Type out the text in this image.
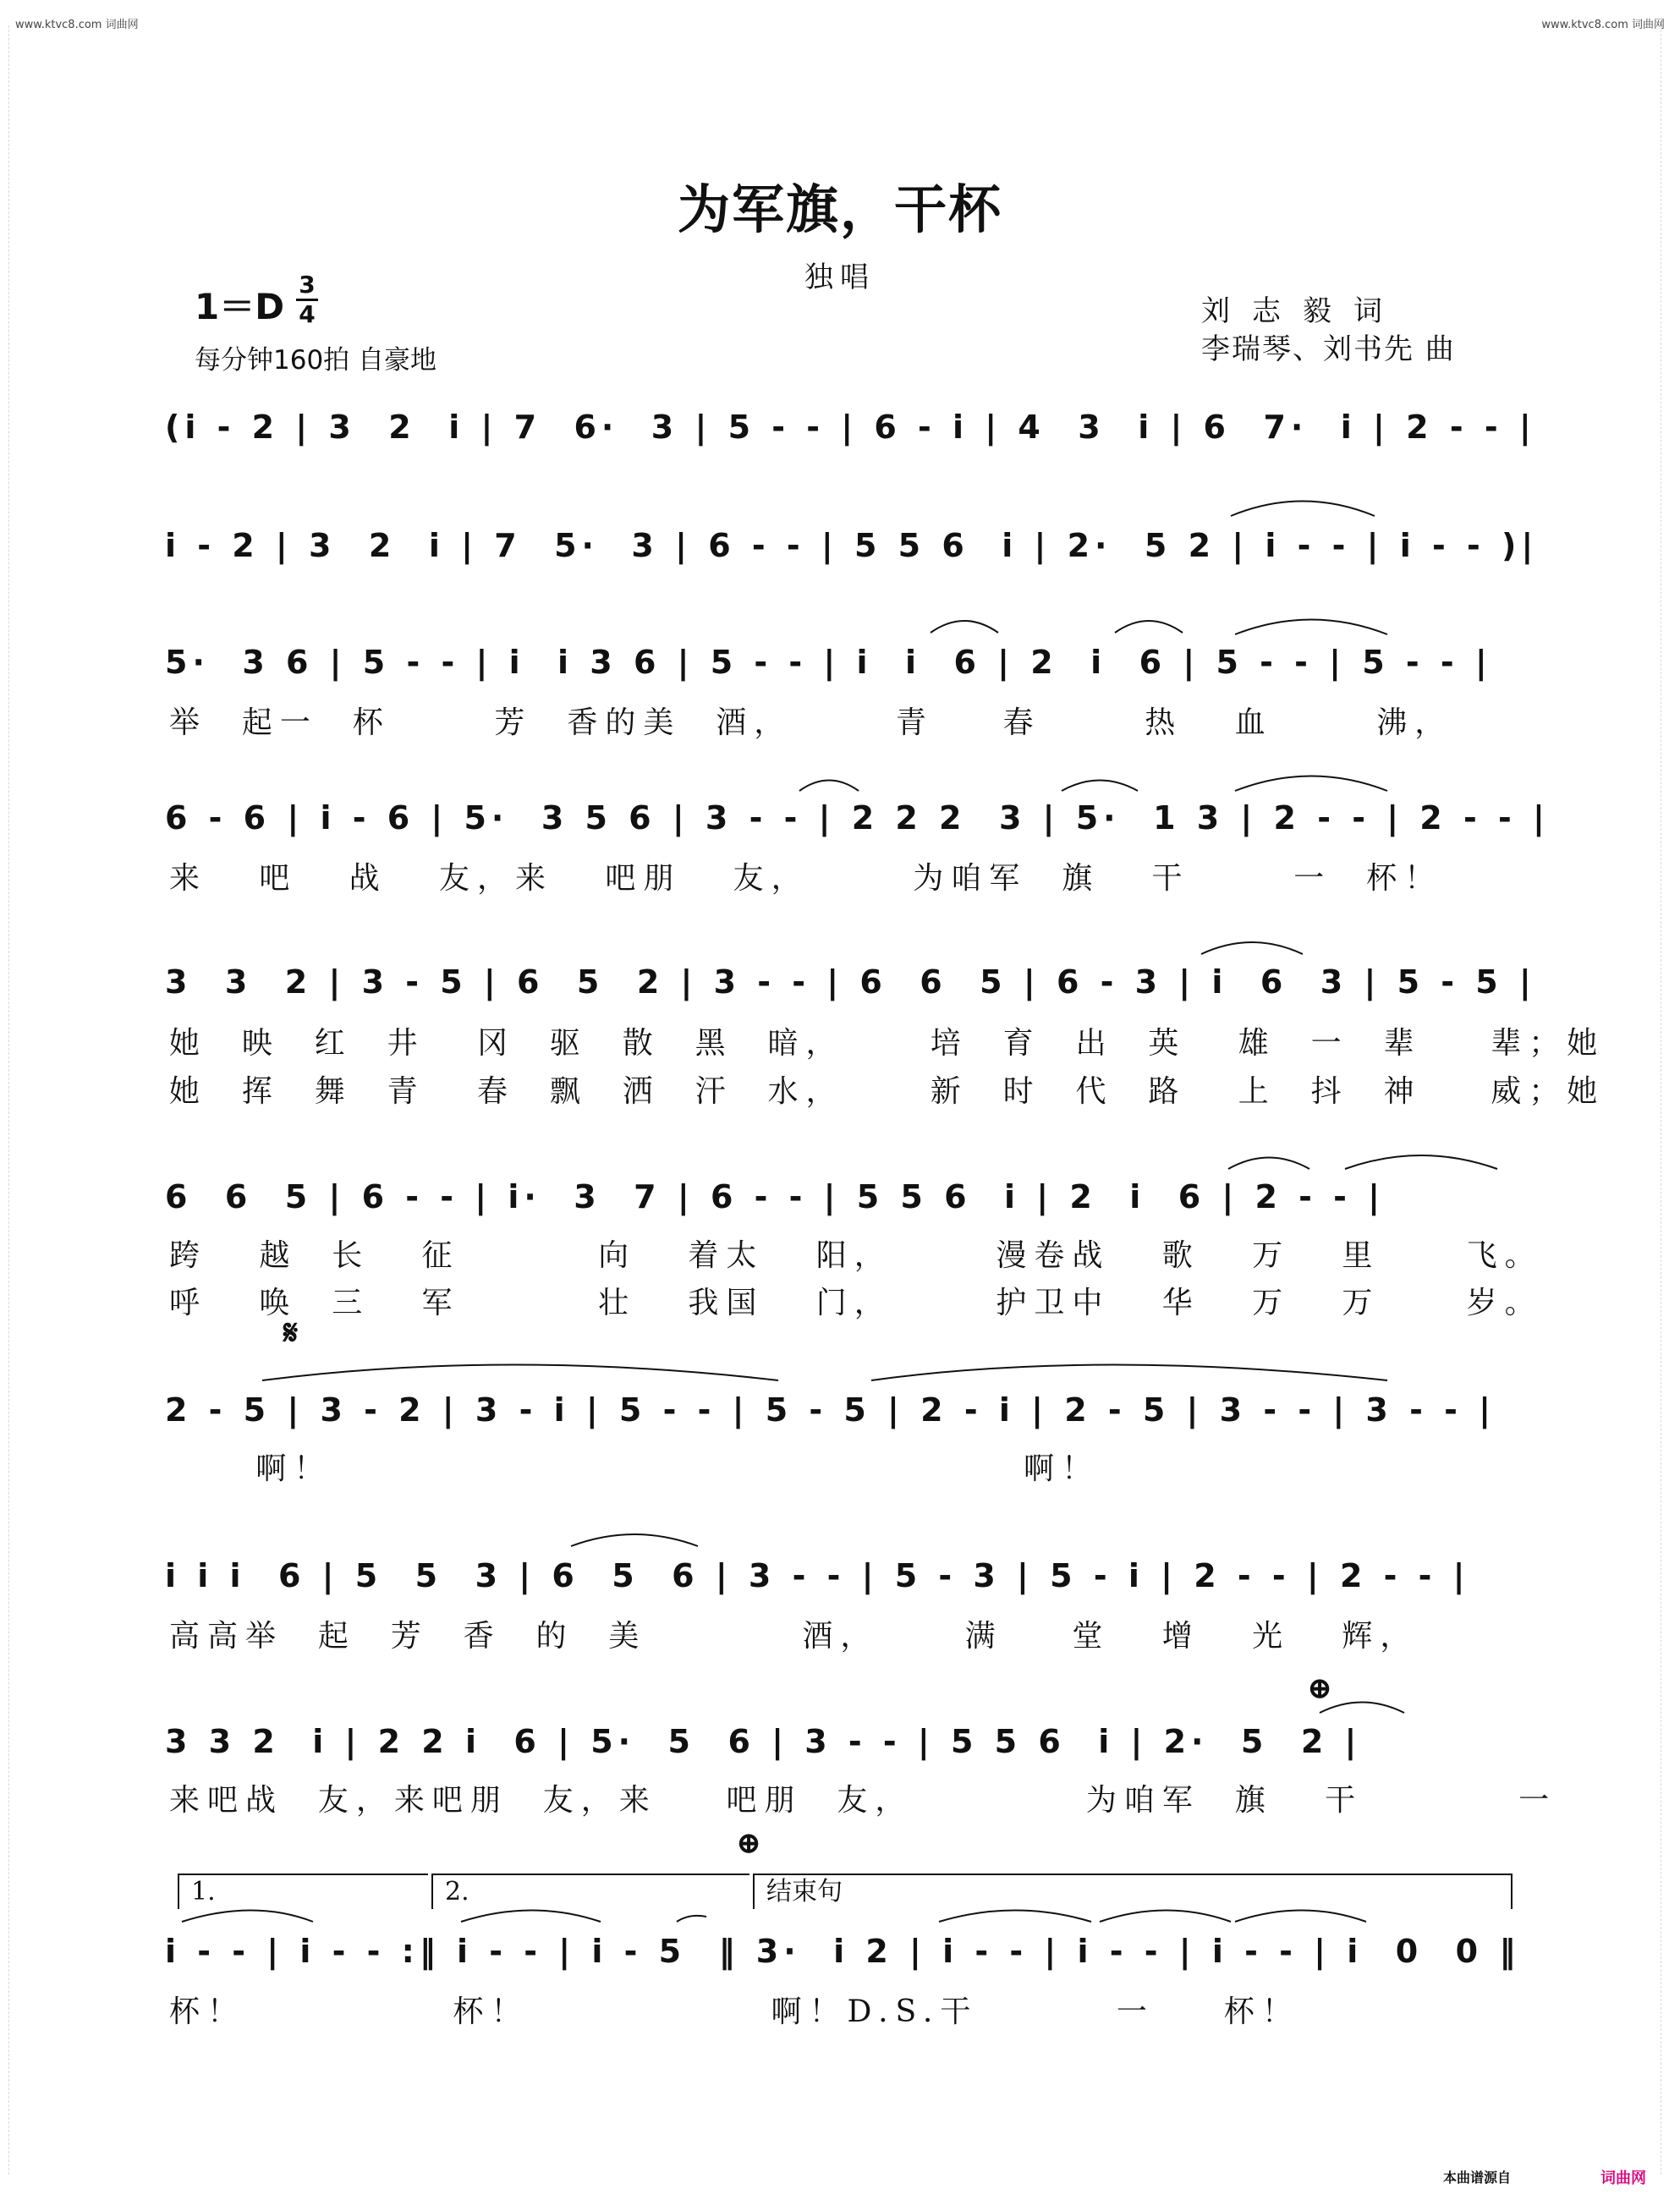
www.ktvc8.com 词曲网	www.ktvc8.com 词曲网
为军旗，干杯
独唱
1＝D
3
4
每分钟160拍 自豪地
刘志毅词
李瑞琴、刘书先 曲
(i - 2 | 3  2  i | 7  6·  3 | 5 - - | 6 - i | 4  3  i | 6  7·  i | 2 - - |
i - 2 | 3  2  i | 7  5·  3 | 6 - - | 5 5 6  i | 2·  5 2 | i - - | i - - )|
5·  3 6 | 5 - - | i  i 3 6 | 5 - - | i  i  6 | 2  i  6 | 5 - - | 5 - - |
举  起一  杯      芳  香的美  酒，      青    春      热   血      沸，
6 - 6 | i - 6 | 5·  3 5 6 | 3 - - | 2 2 2  3 | 5·  1 3 | 2 - - | 2 - - |
来   吧   战   友，来   吧朋   友，      为咱军  旗   干      一  杯！
3  3  2 | 3 - 5 | 6  5  2 | 3 - - | 6  6  5 | 6 - 3 | i  6  3 | 5 - 5 |
她  映  红  井   冈  驱  散  黑  暗，     培  育  出  英   雄  一  辈    辈；她
她  挥  舞  青   春  飘  洒  汗  水，     新  时  代  路   上  抖  神    威；她
6  6  5 | 6 - - | i·  3  7 | 6 - - | 5 5 6  i | 2  i  6 | 2 - - |
跨   越  长   征        向   着太   阳，      漫卷战   歌   万   里     飞。
呼   唤  三   军        壮   我国   门，      护卫中   华   万   万     岁。
𝄋
2 - 5 | 3 - 2 | 3 - i | 5 - - | 5 - 5 | 2 - i | 2 - 5 | 3 - - | 3 - - |
啊！                                        啊！
i i i  6 | 5  5  3 | 6  5  6 | 3 - - | 5 - 3 | 5 - i | 2 - - | 2 - - |
高高举  起  芳  香  的  美         酒，     满    堂   增   光   辉，
⊕
3 3 2  i | 2 2 i  6 | 5·  5  6 | 3 - - | 5 5 6  i | 2·  5  2 |
来吧战  友，来吧朋  友，来    吧朋  友，          为咱军  旗   干         一
⊕
1.	2.	结束句
i - - | i - - :‖ i - - | i - 5  ‖ 3·  i 2 | i - - | i - - | i - - | i  0  0 ‖
杯！            杯！              啊！D.S.干        一    杯！
本曲谱源自	词曲网
